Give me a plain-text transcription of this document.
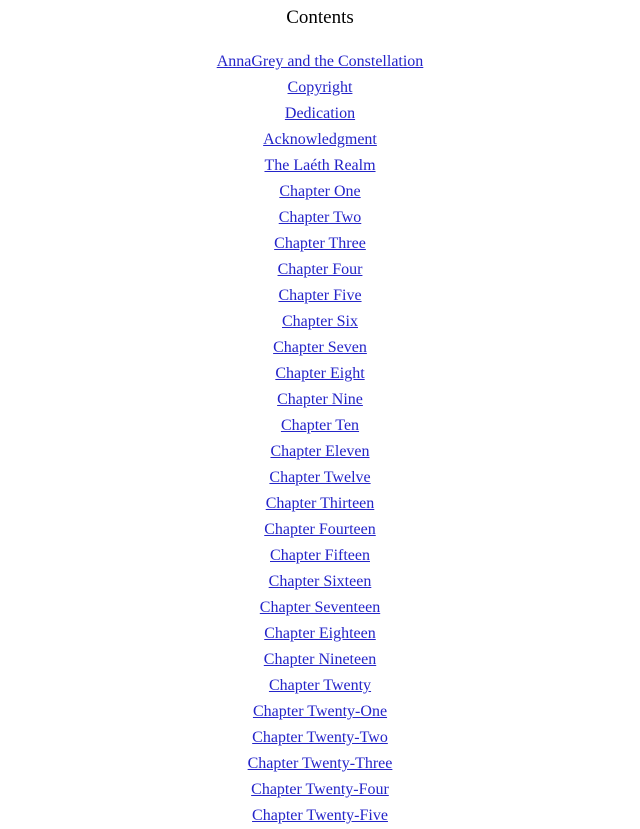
Contents
AnnaGrey and the Constellation
Copyright
Dedication
Acknowledgment
The Laéth Realm
Chapter One
Chapter Two
Chapter Three
Chapter Four
Chapter Five
Chapter Six
Chapter Seven
Chapter Eight
Chapter Nine
Chapter Ten
Chapter Eleven
Chapter Twelve
Chapter Thirteen
Chapter Fourteen
Chapter Fifteen
Chapter Sixteen
Chapter Seventeen
Chapter Eighteen
Chapter Nineteen
Chapter Twenty
Chapter Twenty-One
Chapter Twenty-Two
Chapter Twenty-Three
Chapter Twenty-Four
Chapter Twenty-Five
